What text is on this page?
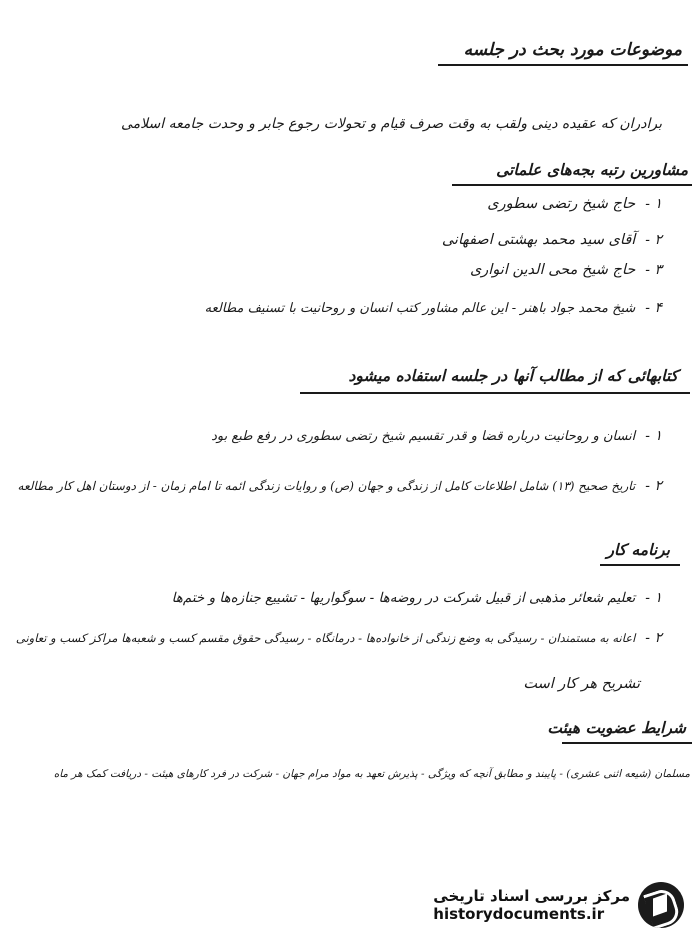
موضوعات مورد بحث در جلسه
برادران که عقیده دینی ولقب به وقت صرف قیام و تحولات رجوع جابر و وحدت جامعه اسلامی
مشاورین رتبه بجه‌های علماتی
۱ -حاج شیخ رتضی سطوری
۲ -آقای سید محمد بهشتی اصفهانی
۳ -حاج شیخ محی الدین انواری
۴ -شیخ محمد جواد باهنر - این عالم مشاور کتب انسان و روحانیت با تسنیف مطالعه
کتابهائی که از مطالب آنها در جلسه استفاده میشود
۱ -انسان و روحانیت درباره قضا و قدر تقسیم شیخ رتضی سطوری در رفع طبع بود
۲ -تاریخ صحیح (۱۳) شامل اطلاعات کامل از زندگی و جهان (ص) و روایات زندگی ائمه تا امام زمان - از دوستان اهل کار مطالعه
برنامه کار
۱ -تعلیم شعائر مذهبی از قبیل شرکت در روضه‌ها - سوگواریها - تشییع جنازه‌ها و ختم‌ها
۲ -اعانه به مستمندان - رسیدگی به وضع زندگی از خانواده‌ها - درمانگاه - رسیدگی حقوق مقسم کسب و شعبه‌ها مراکز کسب و تعاونی
تشریح هر کار است
شرایط عضویت هیئت
مسلمان (شیعه اثنی عشری) - پایبند و مطابق آنچه که ویژگی - پذیرش تعهد به مواد مرام جهان - شرکت در فرد کارهای هیئت - دریافت کمک هر ماه
مرکز بررسی اسناد تاریخی
historydocuments.ir
